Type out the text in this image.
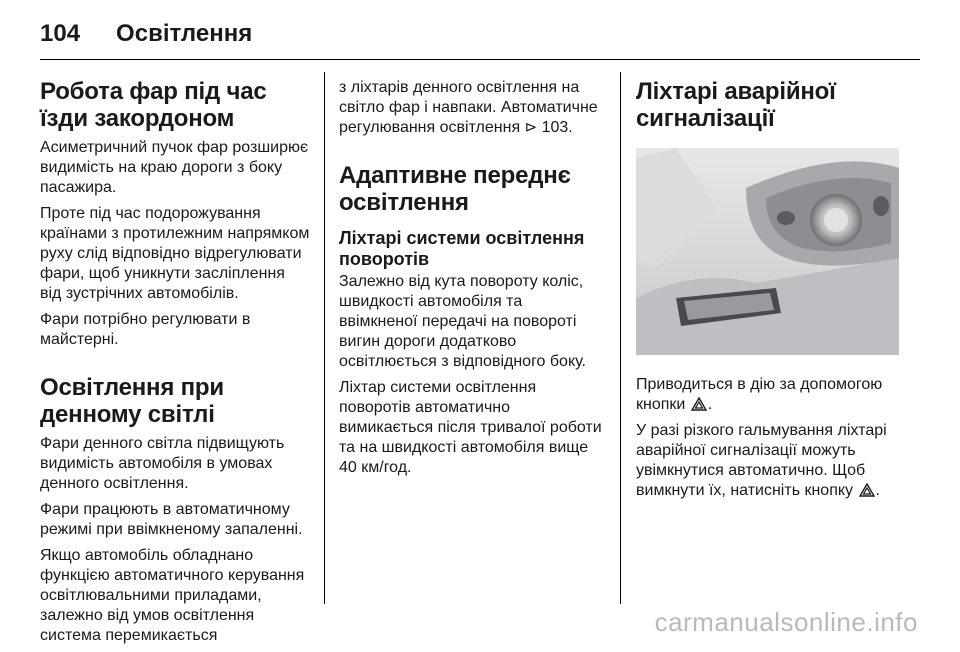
104 Освітлення
Робота фар під час їзди закордоном

Асиметричний пучок фар розширює видимість на краю дороги з боку пасажира.

Проте під час подорожування країнами з протилежним напрямком руху слід відповідно відрегулювати фари, щоб уникнути засліплення від зустрічних автомобілів.

Фари потрібно регулювати в майстерні.

Освітлення при денному світлі

Фари денного світла підвищують видимість автомобіля в умовах денного освітлення.

Фари працюють в автоматичному режимі при ввімкненому запаленні.

Якщо автомобіль обладнано функцією автоматичного керування освітлювальними приладами, залежно від умов освітлення система перемикається

з ліхтарів денного освітлення на світло фар і навпаки. Автоматичне регулювання освітлення ⊳ 103.

Адаптивне переднє освітлення
Ліхтарі системи освітлення поворотів

Залежно від кута повороту коліс, швидкості автомобіля та ввімкненої передачі на повороті вигин дороги додатково освітлюється з відповідного боку.

Ліхтар системи освітлення поворотів автоматично вимикається після тривалої роботи та на швидкості автомобіля вище 40 км/год.

Ліхтарі аварійної сигналізації

Приводиться в дію за допомогою кнопки .

У разі різкого гальмування ліхтарі аварійної сигналізації можуть увімкнутися автоматично. Щоб вимкнути їх, натисніть кнопку .

carmanualsonline.info
